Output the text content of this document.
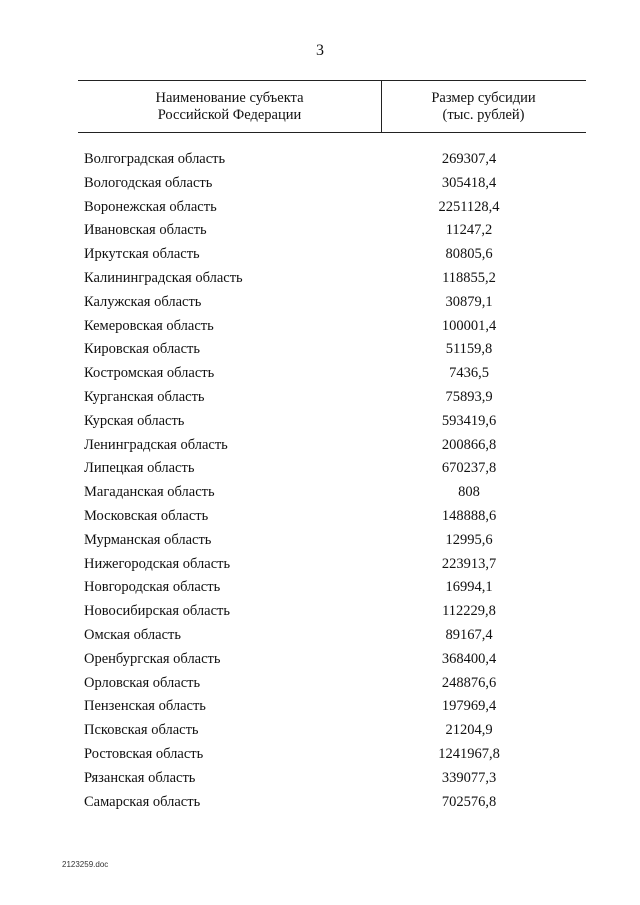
3
Наименование субъекта
Российской Федерации
Размер субсидии
(тыс. рублей)
Волгоградская область	269307,4
Вологодская область	305418,4
Воронежская область	2251128,4
Ивановская область	11247,2
Иркутская область	80805,6
Калининградская область	118855,2
Калужская область	30879,1
Кемеровская область	100001,4
Кировская область	51159,8
Костромская область	7436,5
Курганская область	75893,9
Курская область	593419,6
Ленинградская область	200866,8
Липецкая область	670237,8
Магаданская область	808
Московская область	148888,6
Мурманская область	12995,6
Нижегородская область	223913,7
Новгородская область	16994,1
Новосибирская область	112229,8
Омская область	89167,4
Оренбургская область	368400,4
Орловская область	248876,6
Пензенская область	197969,4
Псковская область	21204,9
Ростовская область	1241967,8
Рязанская область	339077,3
Самарская область	702576,8
2123259.doc
